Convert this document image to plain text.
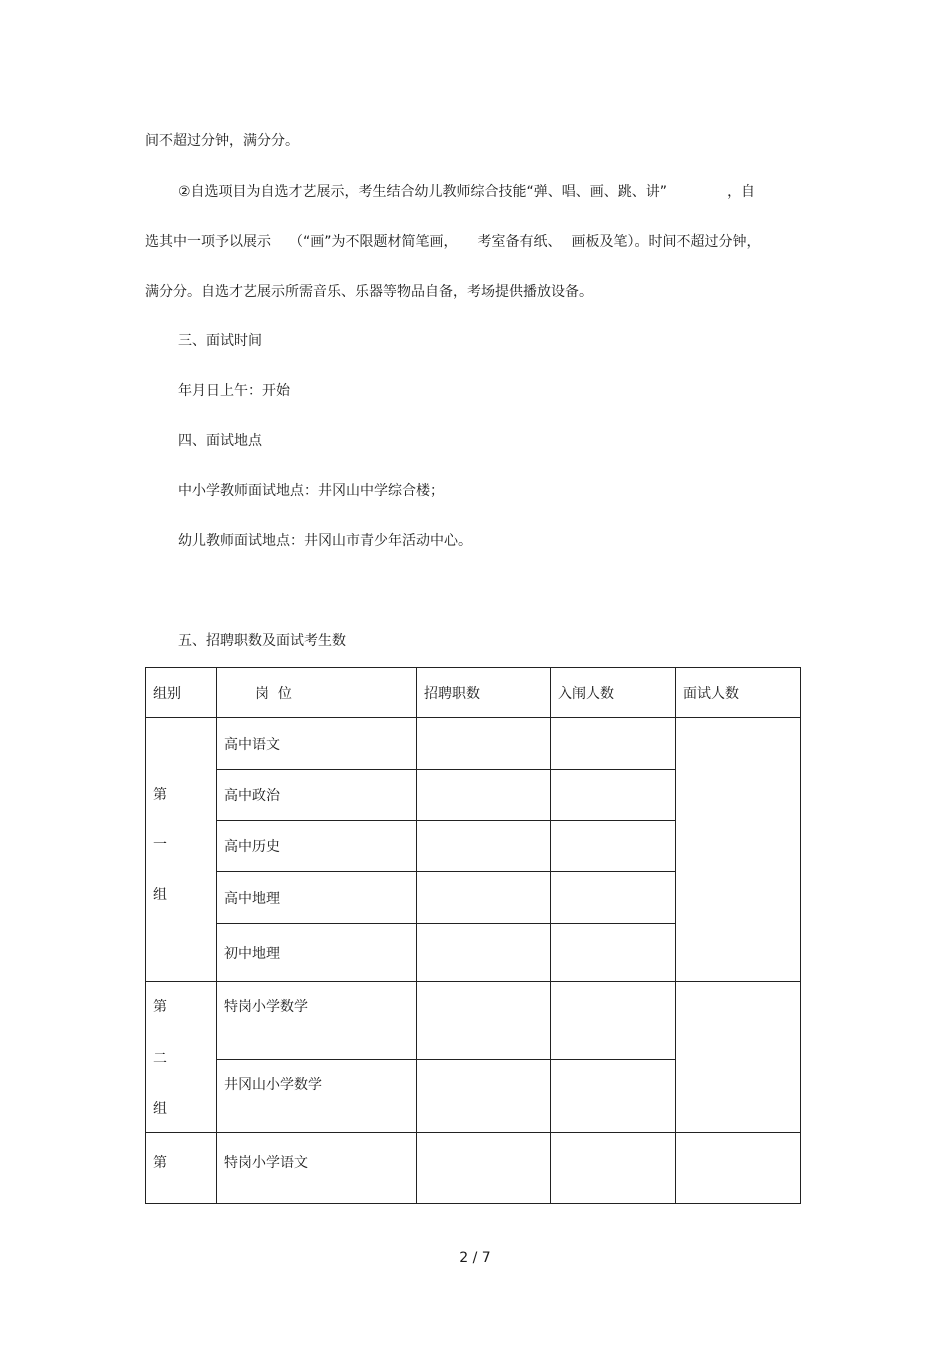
间不超过分钟，满分分。
②自选项目为自选才艺展示，考生结合幼儿教师综合技能“弹、唱、画、跳、讲”	，自
选其中一项予以展示 （“画”为不限题材简笔画， 考室备有纸、 画板及笔）。时间不超过分钟，
满分分。自选才艺展示所需音乐、乐器等物品自备，考场提供播放设备。
三、面试时间
年月日上午：开始
四、面试地点
中小学教师面试地点：井冈山中学综合楼；
幼儿教师面试地点：井冈山市青少年活动中心。
五、招聘职数及面试考生数
组别	岗  位	招聘职数	入闱人数	面试人数

第
一
组	高中语文			
	高中政治			
	高中历史			
	高中地理			
	初中地理			

第
二
组	特岗小学数学			
	井冈山小学数学			
第	特岗小学语文			
2 / 7
